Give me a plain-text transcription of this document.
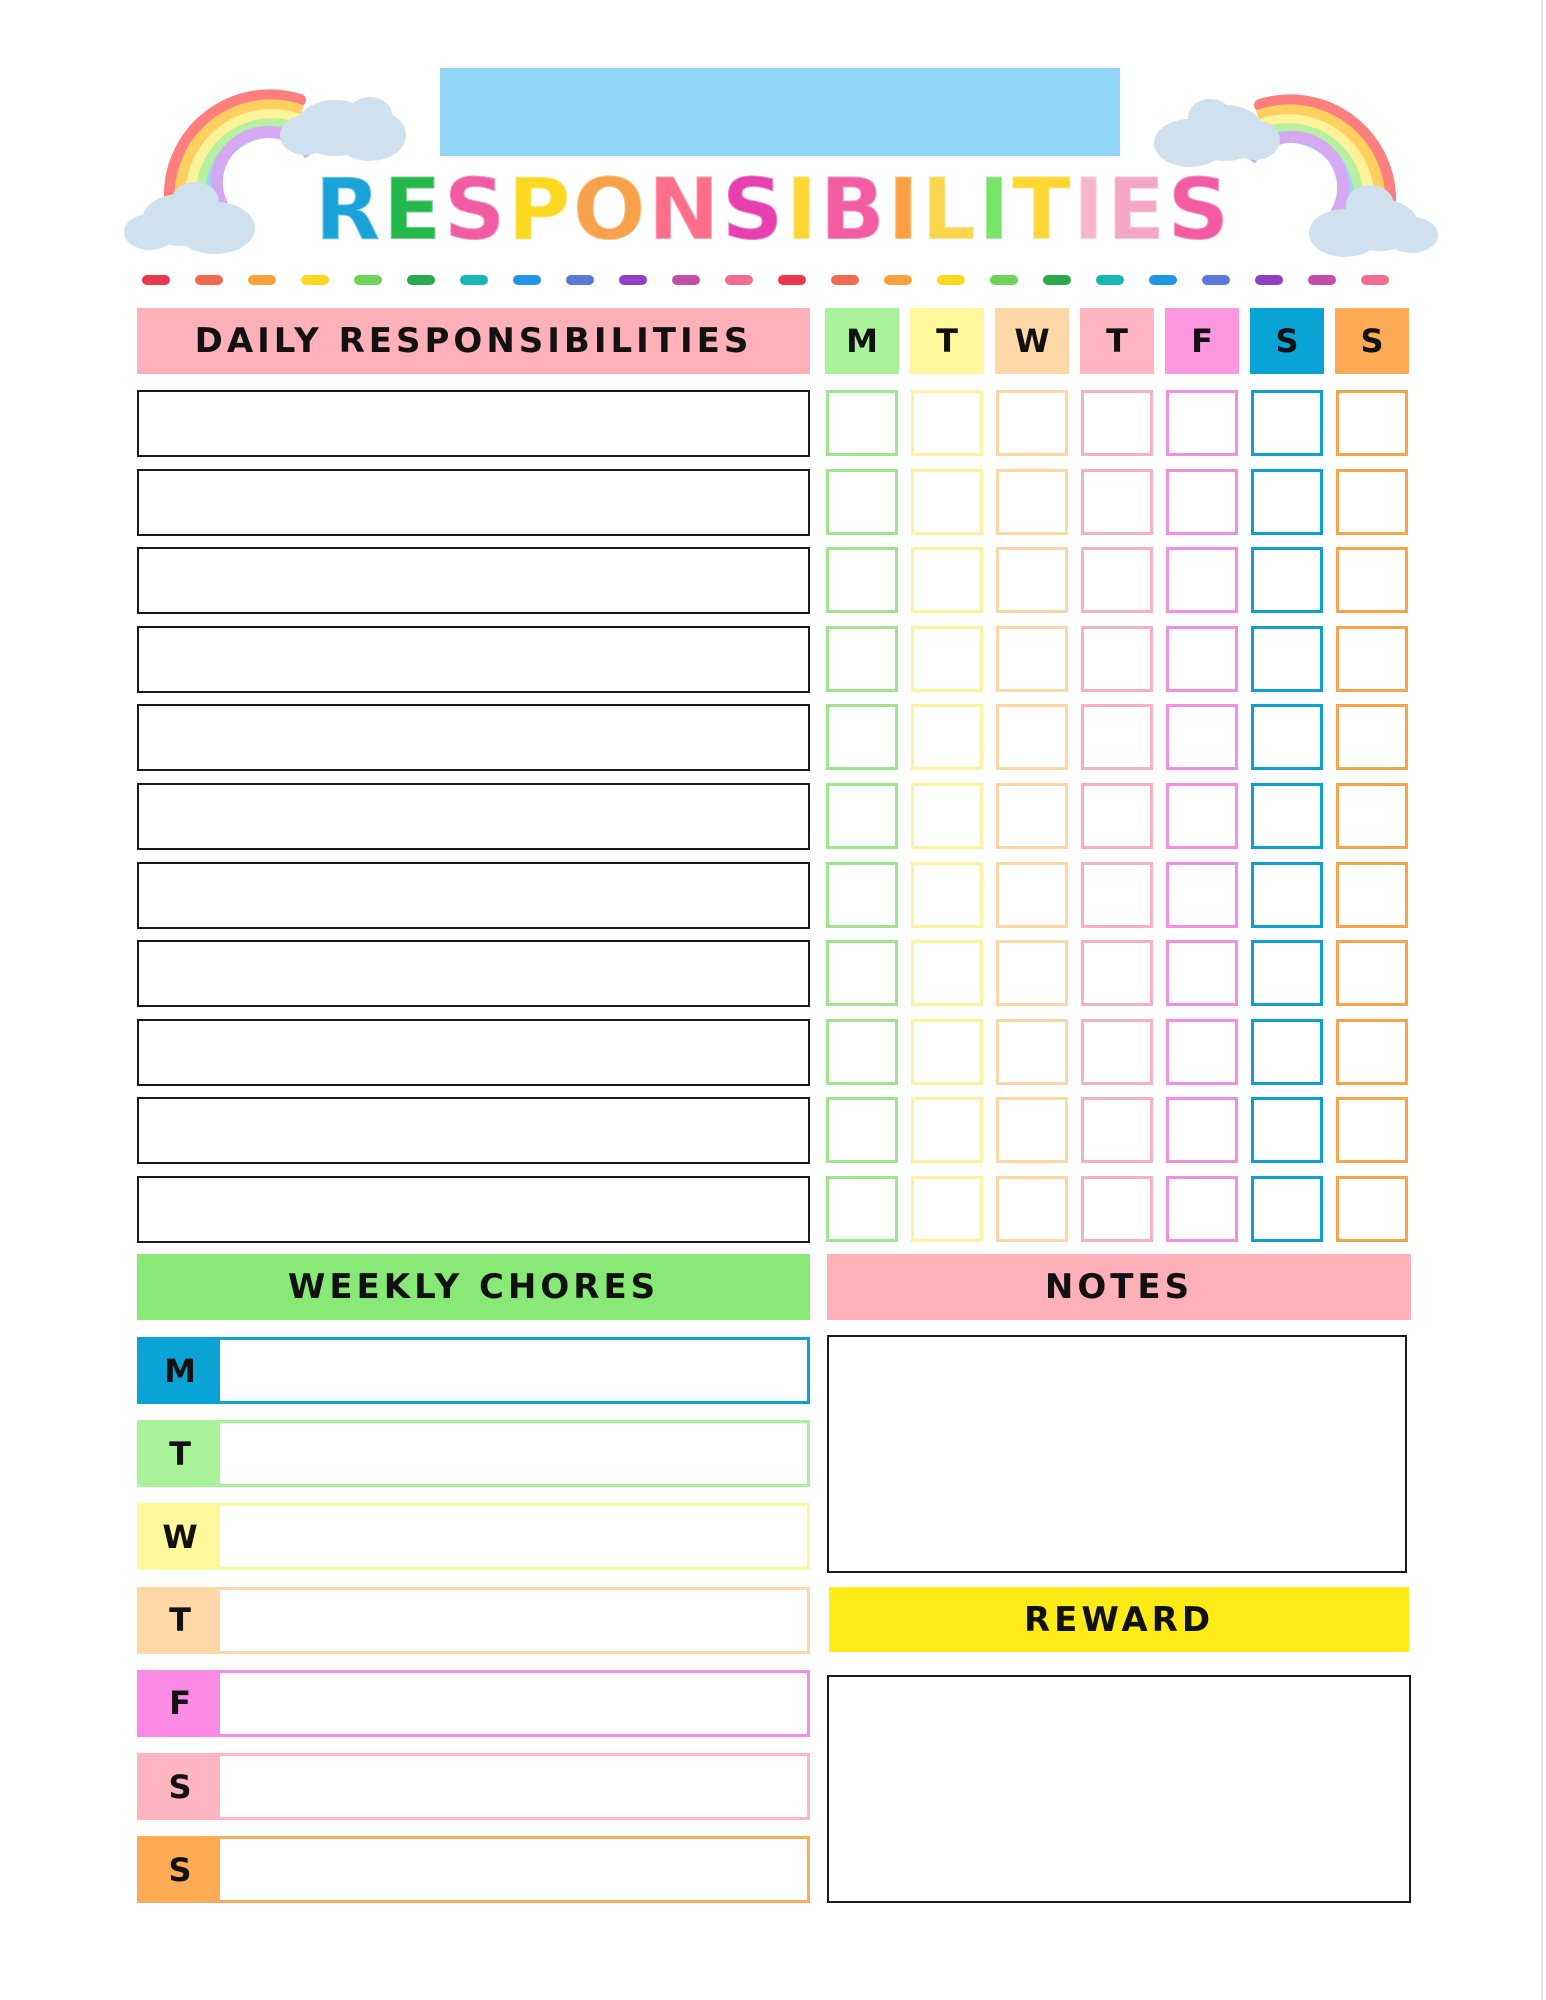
R E S P O N S I B I L I T I E S
DAILY RESPONSIBILITIES	M	T	W	T	F	S	S
WEEKLY CHORES
M
T
W
T
F
S
S
NOTES
REWARD
